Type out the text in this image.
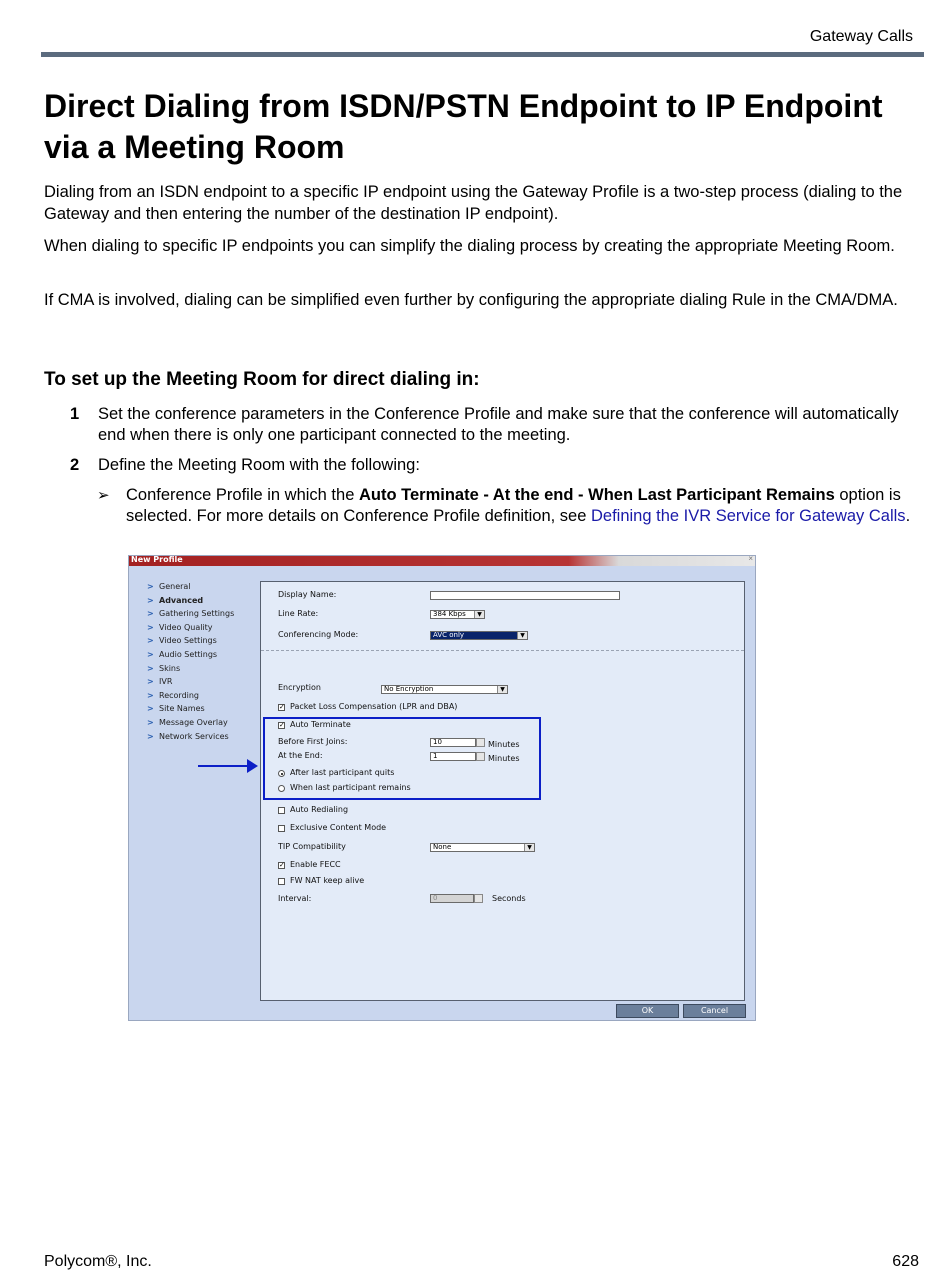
Gateway Calls
Direct Dialing from ISDN/PSTN Endpoint to IP Endpoint via a Meeting Room
Dialing from an ISDN endpoint to a specific IP endpoint using the Gateway Profile is a two-step process (dialing to the Gateway and then entering the number of the destination IP endpoint).
When dialing to specific IP endpoints you can simplify the dialing process by creating the appropriate Meeting Room.
If CMA is involved, dialing can be simplified even further by configuring the appropriate dialing Rule in the CMA/DMA.
To set up the Meeting Room for direct dialing in:
1 Set the conference parameters in the Conference Profile and make sure that the conference will automatically end when there is only one participant connected to the meeting.
2 Define the Meeting Room with the following:
➢ Conference Profile in which the Auto Terminate - At the end - When Last Participant Remains option is selected. For more details on Conference Profile definition, see Defining the IVR Service for Gateway Calls.
New Profile	×
> General
> Advanced
> Gathering Settings
> Video Quality
> Video Settings
> Audio Settings
> Skins
> IVR
> Recording
> Site Names
> Message Overlay
> Network Services
Display Name:
Line Rate:	384 Kbps	▼
Conferencing Mode:	AVC only	▼
Encryption	No Encryption	▼
✓ Packet Loss Compensation (LPR and DBA)
✓ Auto Terminate
Before First Joins:	10	Minutes
At the End:	1	Minutes
After last participant quits
When last participant remains
Auto Redialing
Exclusive Content Mode
TIP Compatibility	None	▼
✓ Enable FECC
FW NAT keep alive
Interval:	0	Seconds
OK	Cancel
Polycom®, Inc.	628
